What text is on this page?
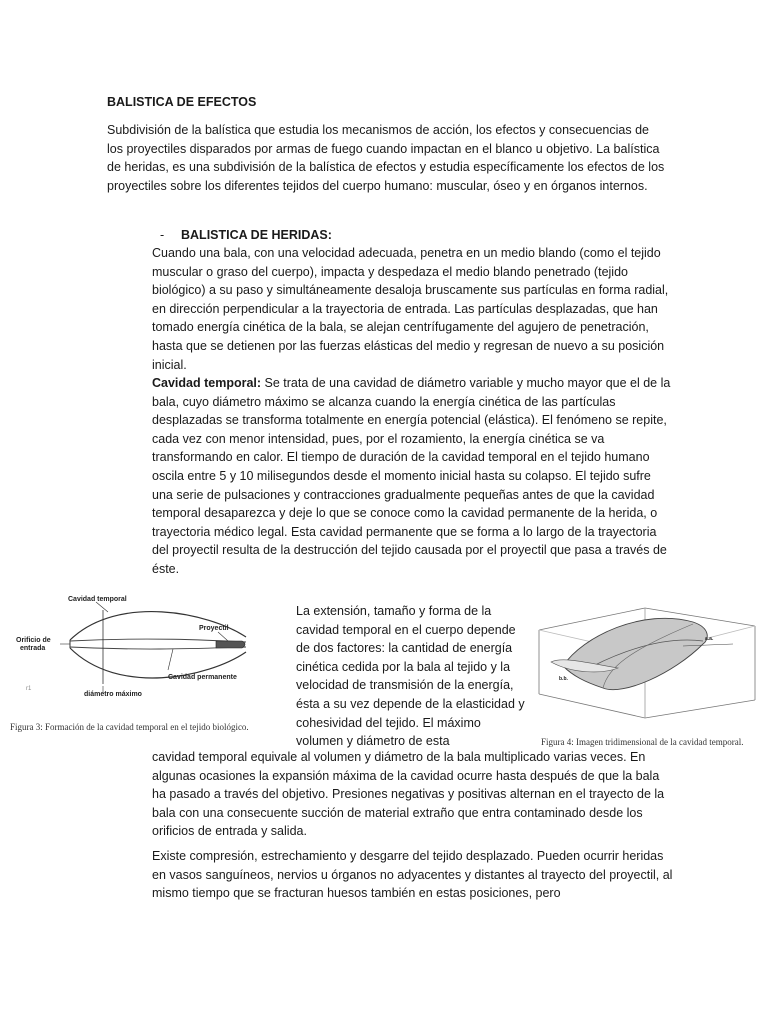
BALISTICA DE EFECTOS
Subdivisión de la balística que estudia los mecanismos de acción, los efectos y consecuencias de los proyectiles disparados por armas de fuego cuando impactan en el blanco u objetivo. La balística de heridas, es una subdivisión de la balística de efectos y estudia específicamente los efectos de los proyectiles sobre los diferentes tejidos del cuerpo humano: muscular, óseo y en órganos internos.
- BALISTICA DE HERIDAS:
Cuando una bala, con una velocidad adecuada, penetra en un medio blando (como el tejido muscular o graso del cuerpo), impacta y despedaza el medio blando penetrado (tejido biológico) a su paso y simultáneamente desaloja bruscamente sus partículas en forma radial, en dirección perpendicular a la trayectoria de entrada. Las partículas desplazadas, que han tomado energía cinética de la bala, se alejan centrífugamente del agujero de penetración, hasta que se detienen por las fuerzas elásticas del medio y regresan de nuevo a su posición inicial.
Cavidad temporal: Se trata de una cavidad de diámetro variable y mucho mayor que el de la bala, cuyo diámetro máximo se alcanza cuando la energía cinética de las partículas desplazadas se transforma totalmente en energía potencial (elástica). El fenómeno se repite, cada vez con menor intensidad, pues, por el rozamiento, la energía cinética se va transformando en calor. El tiempo de duración de la cavidad temporal en el tejido humano oscila entre 5 y 10 milisegundos desde el momento inicial hasta su colapso. El tejido sufre una serie de pulsaciones y contracciones gradualmente pequeñas antes de que la cavidad temporal desaparezca y deje lo que se conoce como la cavidad permanente de la herida, o trayectoria médico legal. Esta cavidad permanente que se forma a lo largo de la trayectoria del proyectil resulta de la destrucción del tejido causada por el proyectil que pasa a través de éste.
Cavidad temporal
Proyectil
Orificio de
entrada
Cavidad permanente
diámetro máximo
r1
Figura 3: Formación de la cavidad temporal en el tejido biológico.
La extensión, tamaño y forma de la cavidad temporal en el cuerpo depende de dos factores: la cantidad de energía cinética cedida por la bala al tejido y la velocidad de transmisión de la energía, ésta a su vez depende de la elasticidad y cohesividad del tejido. El máximo volumen y diámetro de esta
a.a.
b.b.
Figura 4: Imagen tridimensional de la cavidad temporal.
cavidad temporal equivale al volumen y diámetro de la bala multiplicado varias veces. En algunas ocasiones la expansión máxima de la cavidad ocurre hasta después de que la bala ha pasado a través del objetivo. Presiones negativas y positivas alternan en el trayecto de la bala con una consecuente succión de material extraño que entra contaminado desde los orificios de entrada y salida.
Existe compresión, estrechamiento y desgarre del tejido desplazado. Pueden ocurrir heridas en vasos sanguíneos, nervios u órganos no adyacentes y distantes al trayecto del proyectil, al mismo tiempo que se fracturan huesos también en estas posiciones, pero
